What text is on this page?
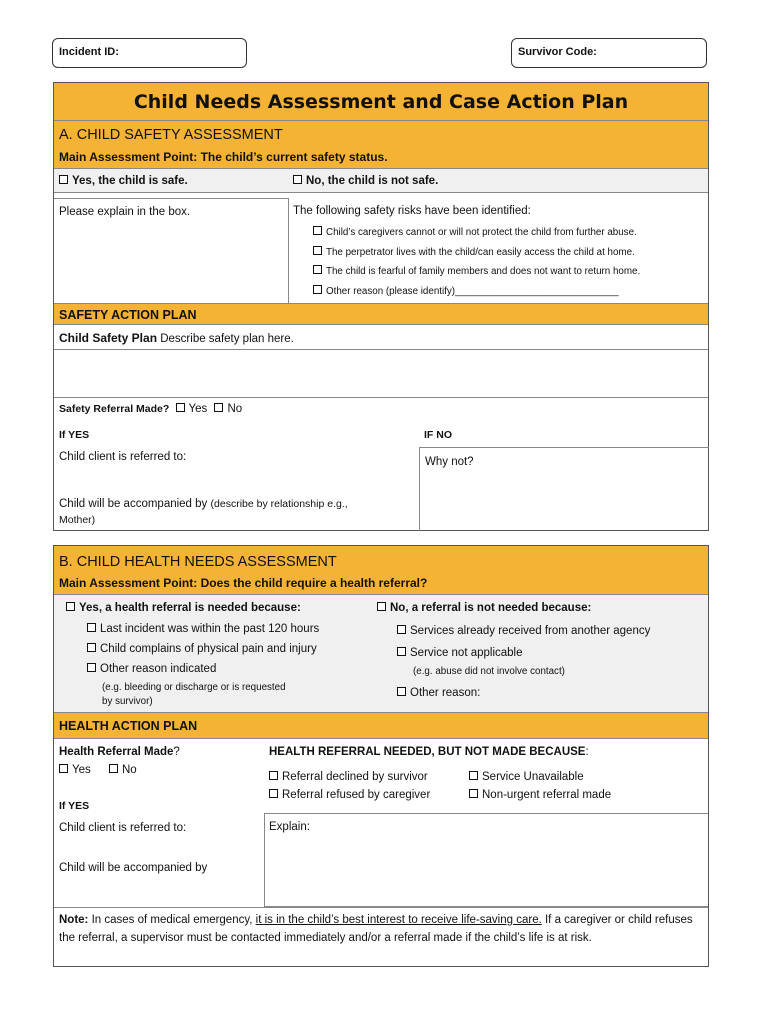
Incident ID:	Survivor Code:
Child Needs Assessment and Case Action Plan
A. CHILD SAFETY ASSESSMENT
Main Assessment Point: The child’s current safety status.
Yes, the child is safe.	No, the child is not safe.
Please explain in the box.	The following safety risks have been identified:
Child’s caregivers cannot or will not protect the child from further abuse.
The perpetrator lives with the child/can easily access the child at home.
The child is fearful of family members and does not want to return home.
Other reason (please identify)______________________________
SAFETY ACTION PLAN
Child Safety Plan Describe safety plan here.
Safety Referral Made? Yes No
If YES	IF NO
Child client is referred to:	Why not?
Child will be accompanied by (describe by relationship e.g.,
Mother)
B. CHILD HEALTH NEEDS ASSESSMENT
Main Assessment Point: Does the child require a health referral?
Yes, a health referral is needed because:
Last incident was within the past 120 hours
Child complains of physical pain and injury
Other reason indicated
(e.g. bleeding or discharge or is requested
by survivor)
No, a referral is not needed because:
Services already received from another agency
Service not applicable
(e.g. abuse did not involve contact)
Other reason:
HEALTH ACTION PLAN
Health Referral Made?
Yes	No
HEALTH REFERRAL NEEDED, BUT NOT MADE BECAUSE:
Referral declined by survivor	Service Unavailable
Referral refused by caregiver	Non-urgent referral made
If YES
Child client is referred to:
Child will be accompanied by
Explain:
Note: In cases of medical emergency, it is in the child’s best interest to receive life-saving care. If a caregiver or child refuses the referral, a supervisor must be contacted immediately and/or a referral made if the child’s life is at risk.
